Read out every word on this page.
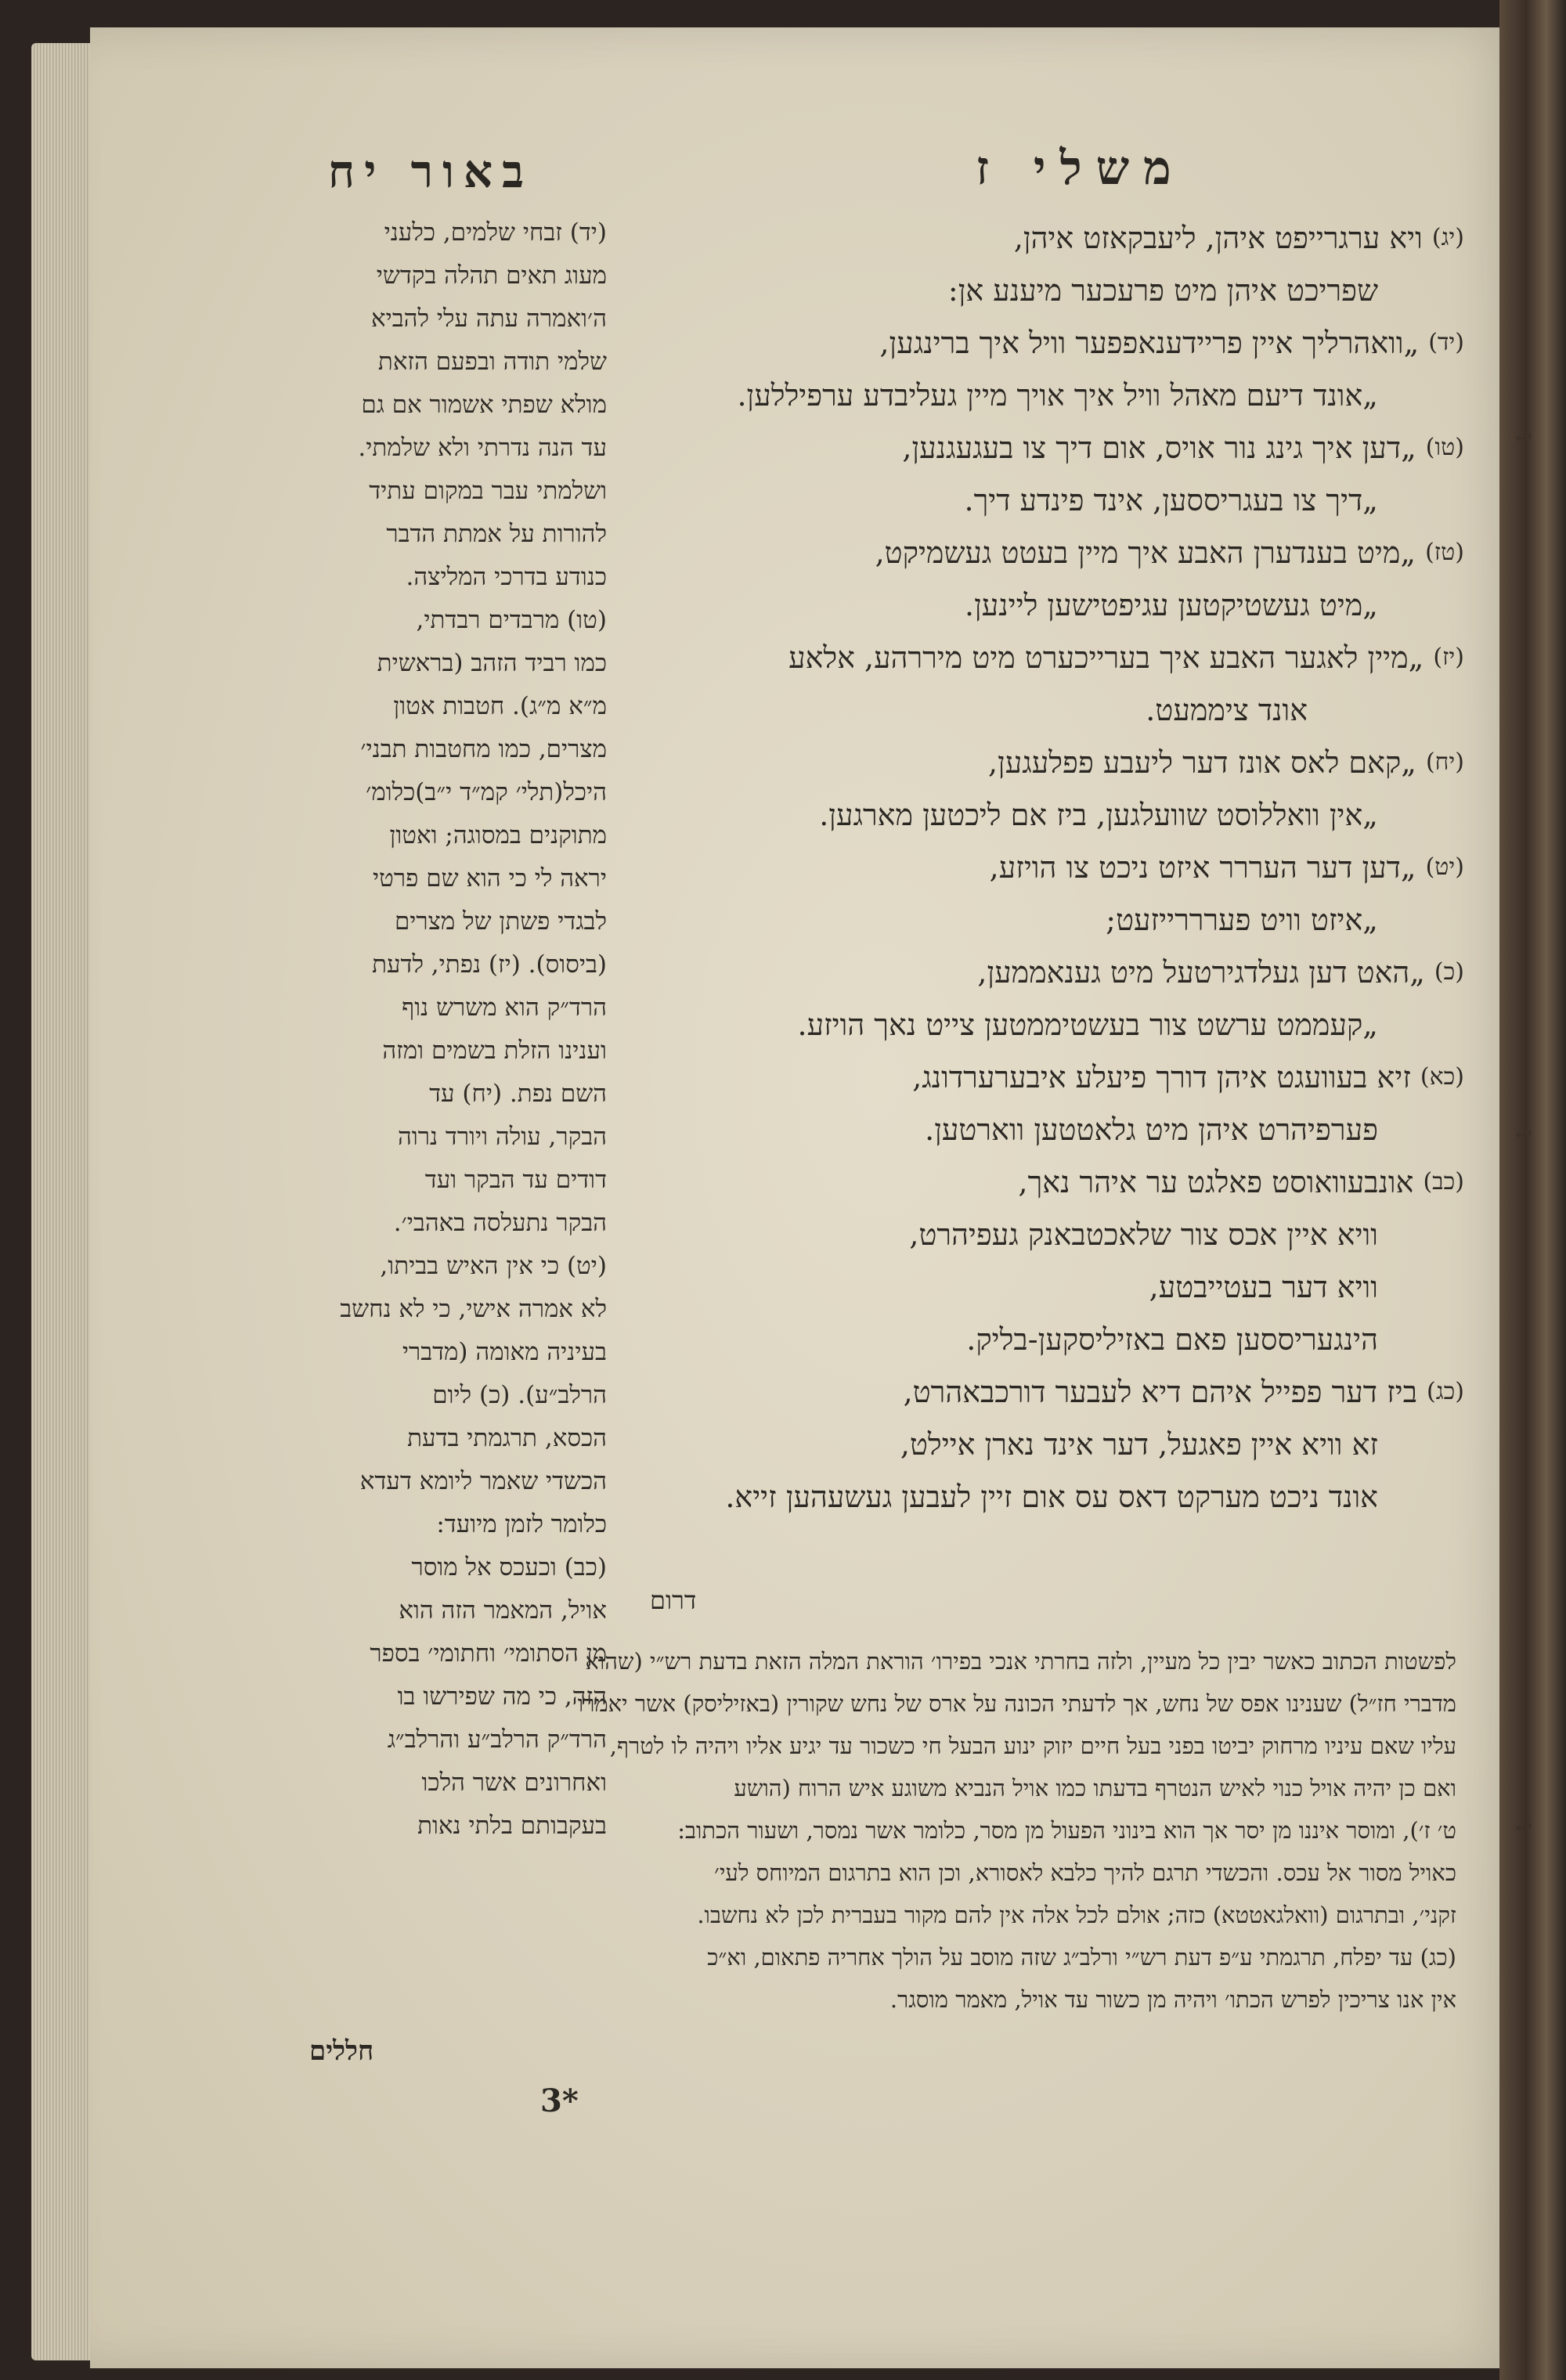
באור יח	משלי ז
(יג)
ויא ערגרייפט איהן, ליעבקאזט איהן,
שפריכט איהן מיט פרעכער מיענע אן:
(יד)
„וואהרליך איין פריידענאפפער וויל איך ברינגען,
„אונד דיעם מאהל וויל איך אויך מיין געליבדע ערפיללען.
(טו)
„דען איך גינג נור אויס, אום דיך צו בעגעגנען,
„דיך צו בעגריססען, אינד פינדע דיך.
(טז)
„מיט בענדערן האבע איך מיין בעטט געשמיקט,
„מיט געשטיקטען עגיפטישען ליינען.
(יז)
„מיין לאגער האבע איך בערייכערט מיט מיררהע, אלאע
אונד ציממעט.
(יח)
„קאם לאס אונז דער ליעבע פפלעגען,
„אין וואללוסט שוועלגען, ביז אם ליכטען מארגען.
(יט)
„דען דער העררר איזט ניכט צו הויזע,
„איזט וויט פערררייזעט;
(כ)
„האט דען געלדגירטעל מיט גענאממען,
„קעממט ערשט צור בעשטיממטען צייט נאך הויזע.
(כא)
זיא בעוועגט איהן דורך פיעלע איבערערדונג,
פערפיהרט איהן מיט גלאטטען ווארטען.
(כב)
אונבעוואוסט פאלגט ער איהר נאך,
וויא איין אכס צור שלאכטבאנק געפיהרט,
וויא דער בעטייבטע,
הינגעריססען פאם באזיליסקען-בליק.
(כג)
ביז דער פפייל איהם דיא לעבער דורכבאהרט,
זא וויא איין פאגעל, דער אינד נארן איילט,
אונד ניכט מערקט דאס עס אום זיין לעבען געשעהען זייא.
דרום
(יד) זבחי שלמים, כלעני
מעוג תאים תהלה בקדשי
ה׳ואמרה עתה עלי להביא
שלמי תודה ובפעם הזאת
מולא שפתי אשמור אם גם
עד הנה נדרתי ולא שלמתי.
ושלמתי עבר במקום עתיד
להורות על אמתת הדבר
כנודע בדרכי המליצה.
(טו) מרבדים רבדתי,
כמו רביד הזהב (בראשית
מ״א מ״ג). חטבות אטון
מצרים, כמו מחטבות תבני׳
היכל(תלי׳ קמ״ד י״ב)כלומ׳
מתוקנים במסוגה; ואטון
יראה לי כי הוא שם פרטי
לבגדי פשתן של מצרים
(ביסוס). (יז) נפתי, לדעת
הרד״ק הוא משרש נוף
וענינו הזלת בשמים ומזה
השם נפת. (יח) עד
הבקר, עולה ויורד נרוה
דודים עד הבקר ועד
הבקר נתעלסה באהבי׳.
(יט) כי אין האיש בביתו,
לא אמרה אישי, כי לא נחשב
בעיניה מאומה (מדברי
הרלב״ע). (כ) ליום
הכסא, תרגמתי בדעת
הכשדי שאמר ליומא דעדא
כלומר לזמן מיועד:
(כב) וכעכס אל מוסר
אויל, המאמר הזה הוא
מן הסתומי׳ וחתומי׳ בספר
הזה, כי מה שפירשו בו
הרד״ק הרלב״ע והרלב״ג
ואחרונים אשר הלכו
בעקבותם בלתי נאות
לפשטות הכתוב כאשר יבין כל מעיין, ולזה בחרתי אנכי בפירו׳ הוראת המלה הזאת בדעת רש״י (שהוא
מדברי חז״ל) שענינו אפס של נחש, אך לדעתי הכונה על ארס של נחש שקורין (באזיליסק) אשר יאמרו
עליו שאם עיניו מרחוק יביטו בפני בעל חיים יזוק ינוע הבעל חי כשכור עד יגיע אליו ויהיה לו לטרף,
ואם כן יהיה אויל כנוי לאיש הנטרף בדעתו כמו אויל הנביא משוגע איש הרוח (הושע
ט׳ ז׳), ומוסר איננו מן יסר אך הוא בינוני הפעול מן מסר, כלומר אשר נמסר, ושעור הכתוב:
כאויל מסור אל עכס. והכשדי תרגם להיך כלבא לאסורא, וכן הוא בתרגום המיוחס לעי׳
זקני׳, ובתרגום (וואלגאטטא) כזה; אולם לכל אלה אין להם מקור בעברית לכן לא נחשבו.
(כג) עד יפלח, תרגמתי ע״פ דעת רש״י ורלב״ג שזה מוסב על הולך אחריה פתאום, וא״כ
אין אנו צריכין לפרש הכתו׳ ויהיה מן כשור עד אויל, מאמר מוסגר.
חללים
3*
↩
↩
↩
